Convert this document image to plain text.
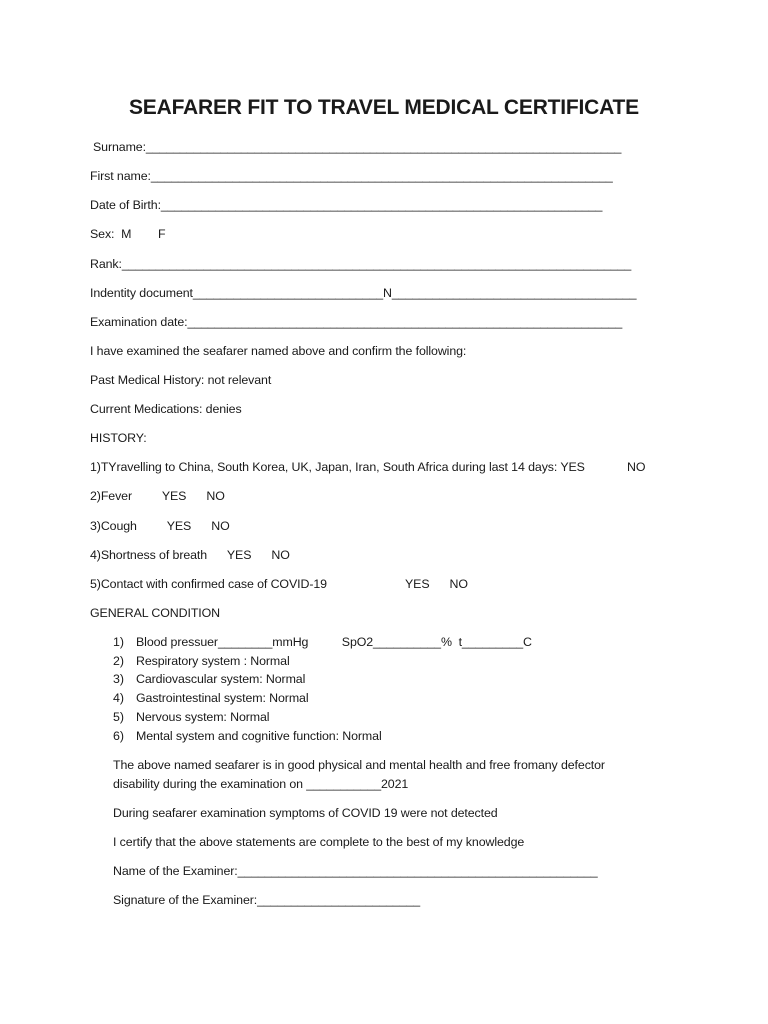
SEAFARER FIT TO TRAVEL MEDICAL CERTIFICATE
Surname:______________________________________________________________________
First name:____________________________________________________________________
Date of Birth:_________________________________________________________________
Sex:  M        F
Rank:___________________________________________________________________________
Indentity document____________________________N____________________________________
Examination date:________________________________________________________________
I have examined the seafarer named above and confirm the following:
Past Medical History: not relevant
Current Medications: denies
HISTORY:
1)TYravelling to China, South Korea, UK, Japan, Iran, South Africa during last 14 days: YES	NO
2)Fever         YES      NO
3)Cough         YES      NO
4)Shortness of breath      YES      NO
5)Contact with confirmed case of COVID-19	YES      NO
GENERAL CONDITION
1) Blood pressuer________mmHg          SpO2__________%  t_________C
2) Respiratory system : Normal
3) Cardiovascular system: Normal
4) Gastrointestinal system: Normal
5) Nervous system: Normal
6) Mental system and cognitive function: Normal
The above named seafarer is in good physical and mental health and free fromany defector
disability during the examination on ___________2021
During seafarer examination symptoms of COVID 19 were not detected
I certify that the above statements are complete to the best of my knowledge
Name of the Examiner:_____________________________________________________
Signature of the Examiner:________________________
